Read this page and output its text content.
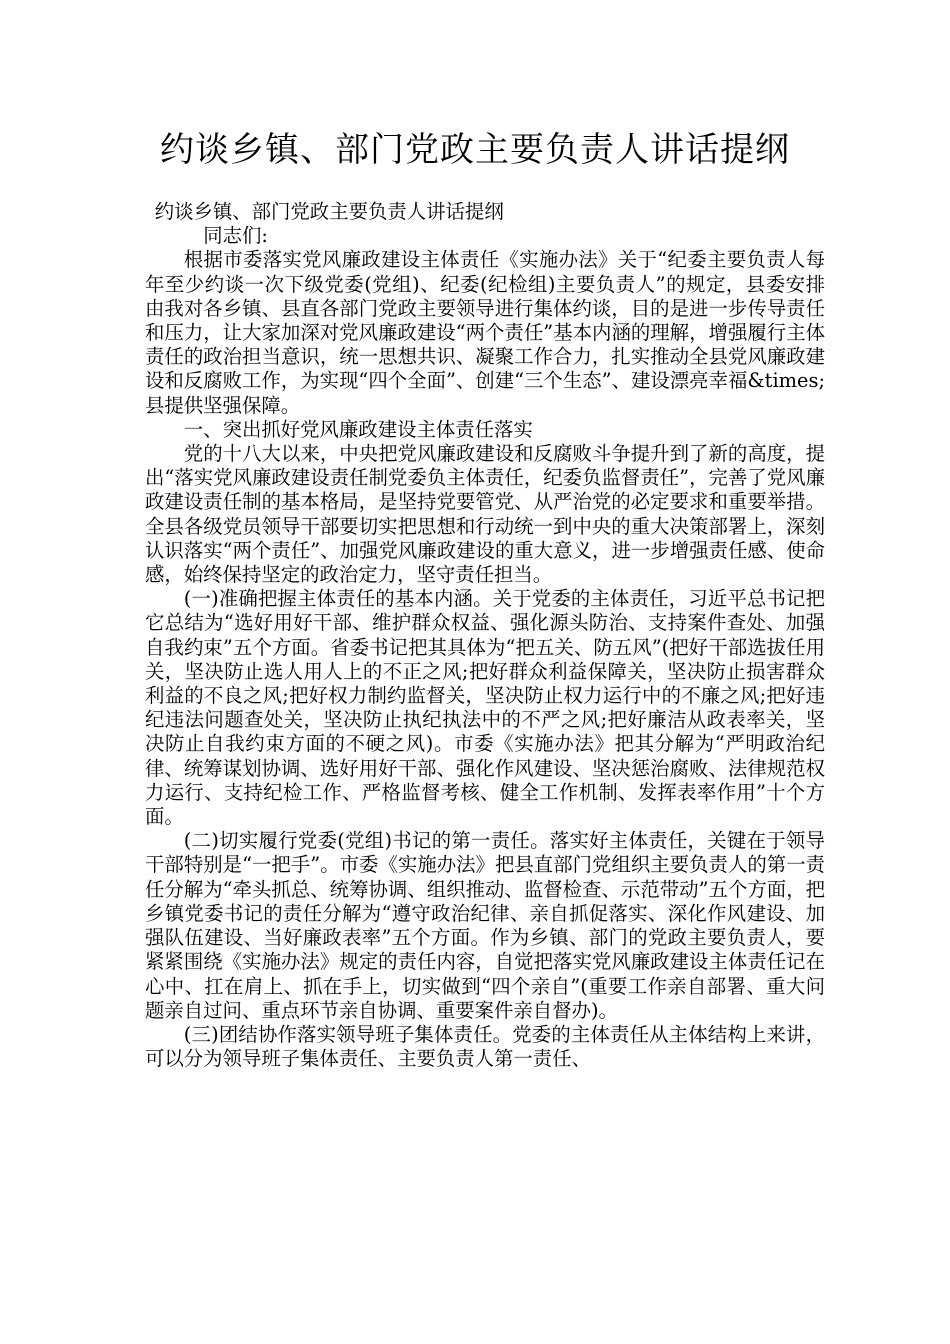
约谈乡镇、部门党政主要负责人讲话提纲

约谈乡镇、部门党政主要负责人讲话提纲

同志们:

根据市委落实党风廉政建设主体责任《实施办法》关于“纪委主要负责人每年至少约谈一次下级党委(党组)、纪委(纪检组)主要负责人”的规定，县委安排由我对各乡镇、县直各部门党政主要领导进行集体约谈，目的是进一步传导责任和压力，让大家加深对党风廉政建设“两个责任”基本内涵的理解，增强履行主体责任的政治担当意识，统一思想共识、凝聚工作合力，扎实推动全县党风廉政建设和反腐败工作，为实现“四个全面”、创建“三个生态”、建设漂亮幸福&times;县提供坚强保障。

一、突出抓好党风廉政建设主体责任落实

党的十八大以来，中央把党风廉政建设和反腐败斗争提升到了新的高度，提出“落实党风廉政建设责任制党委负主体责任，纪委负监督责任”，完善了党风廉政建设责任制的基本格局，是坚持党要管党、从严治党的必定要求和重要举措。全县各级党员领导干部要切实把思想和行动统一到中央的重大决策部署上，深刻认识落实“两个责任”、加强党风廉政建设的重大意义，进一步增强责任感、使命感，始终保持坚定的政治定力，坚守责任担当。

(一)准确把握主体责任的基本内涵。关于党委的主体责任，习近平总书记把它总结为“选好用好干部、维护群众权益、强化源头防治、支持案件查处、加强自我约束”五个方面。省委书记把其具体为“把五关、防五风”(把好干部选拔任用关，坚决防止选人用人上的不正之风;把好群众利益保障关，坚决防止损害群众利益的不良之风;把好权力制约监督关，坚决防止权力运行中的不廉之风;把好违纪违法问题查处关，坚决防止执纪执法中的不严之风;把好廉洁从政表率关，坚决防止自我约束方面的不硬之风)。市委《实施办法》把其分解为“严明政治纪律、统筹谋划协调、选好用好干部、强化作风建设、坚决惩治腐败、法律规范权力运行、支持纪检工作、严格监督考核、健全工作机制、发挥表率作用”十个方面。

(二)切实履行党委(党组)书记的第一责任。落实好主体责任，关键在于领导干部特别是“一把手”。市委《实施办法》把县直部门党组织主要负责人的第一责任分解为“牵头抓总、统筹协调、组织推动、监督检查、示范带动”五个方面，把乡镇党委书记的责任分解为“遵守政治纪律、亲自抓促落实、深化作风建设、加强队伍建设、当好廉政表率”五个方面。作为乡镇、部门的党政主要负责人，要紧紧围绕《实施办法》规定的责任内容，自觉把落实党风廉政建设主体责任记在心中、扛在肩上、抓在手上，切实做到“四个亲自”(重要工作亲自部署、重大问题亲自过问、重点环节亲自协调、重要案件亲自督办)。

(三)团结协作落实领导班子集体责任。党委的主体责任从主体结构上来讲，可以分为领导班子集体责任、主要负责人第一责任、
